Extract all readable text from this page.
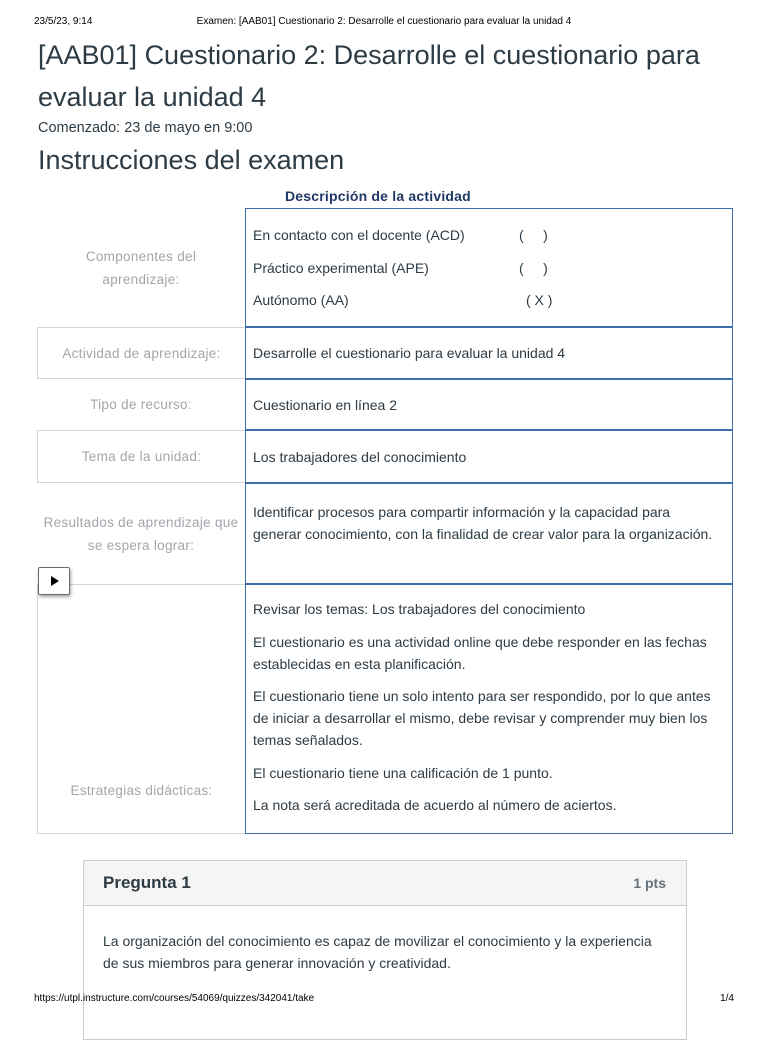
23/5/23, 9:14	Examen: [AAB01] Cuestionario 2: Desarrolle el cuestionario para evaluar la unidad 4
[AAB01] Cuestionario 2: Desarrolle el cuestionario para evaluar la unidad 4
Comenzado: 23 de mayo en 9:00
Instrucciones del examen
Descripción de la actividad
Componentes del aprendizaje:
En contacto con el docente (ACD)	(     )
Práctico experimental (APE)	(     )
Autónomo (AA)	( X )
Actividad de aprendizaje:	Desarrolle el cuestionario para evaluar la unidad 4
Tipo de recurso:	Cuestionario en línea 2
Tema de la unidad:	Los trabajadores del conocimiento
Resultados de aprendizaje que se espera lograr:
Identificar procesos para compartir información y la capacidad para generar conocimiento, con la finalidad de crear valor para la organización.
Estrategias didácticas:

Revisar los temas: Los trabajadores del conocimiento

El cuestionario es una actividad online que debe responder en las fechas establecidas en esta planificación.

El cuestionario tiene un solo intento para ser respondido, por lo que antes de iniciar a desarrollar el mismo, debe revisar y comprender muy bien los temas señalados.

El cuestionario tiene una calificación de 1 punto.

La nota será acreditada de acuerdo al número de aciertos.

Pregunta 1	1 pts
La organización del conocimiento es capaz de movilizar el conocimiento y la experiencia de sus miembros para generar innovación y creatividad.
https://utpl.instructure.com/courses/54069/quizzes/342041/take	1/4
